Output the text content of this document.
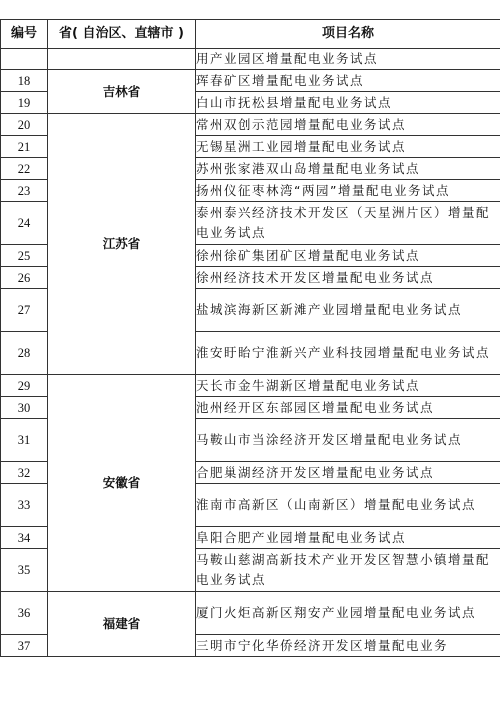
编号	省( 自治区、直辖市 )	项目名称
		用产业园区增量配电业务试点
18	吉林省	珲春矿区增量配电业务试点
19		白山市抚松县增量配电业务试点
20	江苏省	常州双创示范园增量配电业务试点
21		无锡星洲工业园增量配电业务试点
22		苏州张家港双山岛增量配电业务试点
23		扬州仪征枣林湾“两园”增量配电业务试点
24		泰州泰兴经济技术开发区（天星洲片区）增量配电业务试点
25		徐州徐矿集团矿区增量配电业务试点
26		徐州经济技术开发区增量配电业务试点
27		盐城滨海新区新滩产业园增量配电业务试点
28		淮安盱眙宁淮新兴产业科技园增量配电业务试点
29	安徽省	天长市金牛湖新区增量配电业务试点
30		池州经开区东部园区增量配电业务试点
31		马鞍山市当涂经济开发区增量配电业务试点
32		合肥巢湖经济开发区增量配电业务试点
33		淮南市高新区（山南新区）增量配电业务试点
34		阜阳合肥产业园增量配电业务试点
35		马鞍山慈湖高新技术产业开发区智慧小镇增量配电业务试点
36	福建省	厦门火炬高新区翔安产业园增量配电业务试点
37		三明市宁化华侨经济开发区增量配电业务
